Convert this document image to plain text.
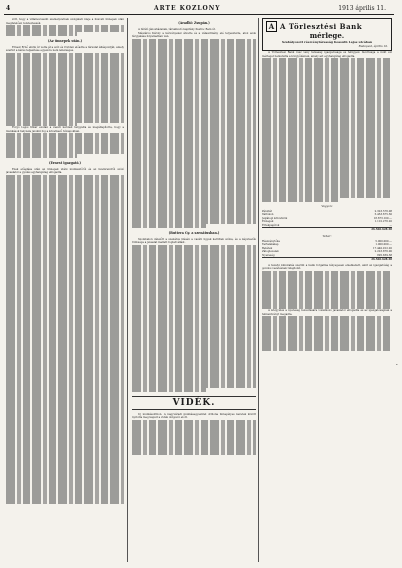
4	ARTE KOZLONY	1913 április 11.
zött, hogy a villamosvasúti személyzetnek szolgálati ideje a húsvéti ünnepek után megfelelően rendeztessék.
(Az ünnepek után.)
Ernest Ernő elnök úr vette át a szót és röviden előadta a társulat álláspontját, amely szerint a kérés teljesítése egyelőre nem lehetséges.
Forgó Lajos titkár ezután a vasúti kérdést tárgyalta és megállapította, hogy a munkások helyzete javulni fog a következő hónapokban.
(Ernest igazgató.)
Ezek előadása után az ünnepek utáni munkaidőről és az üzemrendről szóló javaslatot a gyűlés egyhangúlag elfogadta.
(Aradhi: Zsupán.)
A bíráló jánosházanak, társalkodó kapitány Pestre: Bem út.
Mészáros Károly a kérvényeket átvette és a választmány elé terjesztette, ahol azok tárgyalása folyamatban van.
(Buttera Gy. a szenátusban.)
Szombaton délelőtt a szenátus ülésén a vasúti ügyek kerültek szóba, és a képviselők többsége a javaslat mellett foglalt állást.
VIDÉK.
Uj munkásotthon. A nagyváradi munkásegyesület otthona ünnepélyes keretek között nyitotta meg kapuit a vidék dolgozói előtt.
A A Törlesztési Bank
mérlege.
Szabályozott részvénytársaság Kossuth Lajos utcában
Budapest, április 10.
A Törlesztési Bank rész vény társaság igazgatósága és felügyelő bizottsága a múlt évi mérleget bemutatta a közgyűlésnek, amely azt egyhangúlag elfogadta.
Vagyon:
Pénztár	2.323.576.08
Váltókon	5.453.675.30
Jelzálogi kölcsönök	18.673.100.—
Előlegek	1.110.276.20
Értékpapírok	—
	26.560.628.38
Teher:
Részvénytőke	5.000.000.—
Tartalékalap	1.000.000.—
Betétek	17.440.912.20
Záloglevelek	2.223.876.00
Nyereség	895.839.38
	26.560.628.38
A tavalyi kimutatás szerint a bank forgalma lényegesen emelkedett, amit az igazgatóság a gondos vezetésnek tulajdonít.
A közgyűlés a nyereség felosztására vonatkozó javaslatot elfogadta és az igazgatóságnak a felmentvényt megadta.
·
